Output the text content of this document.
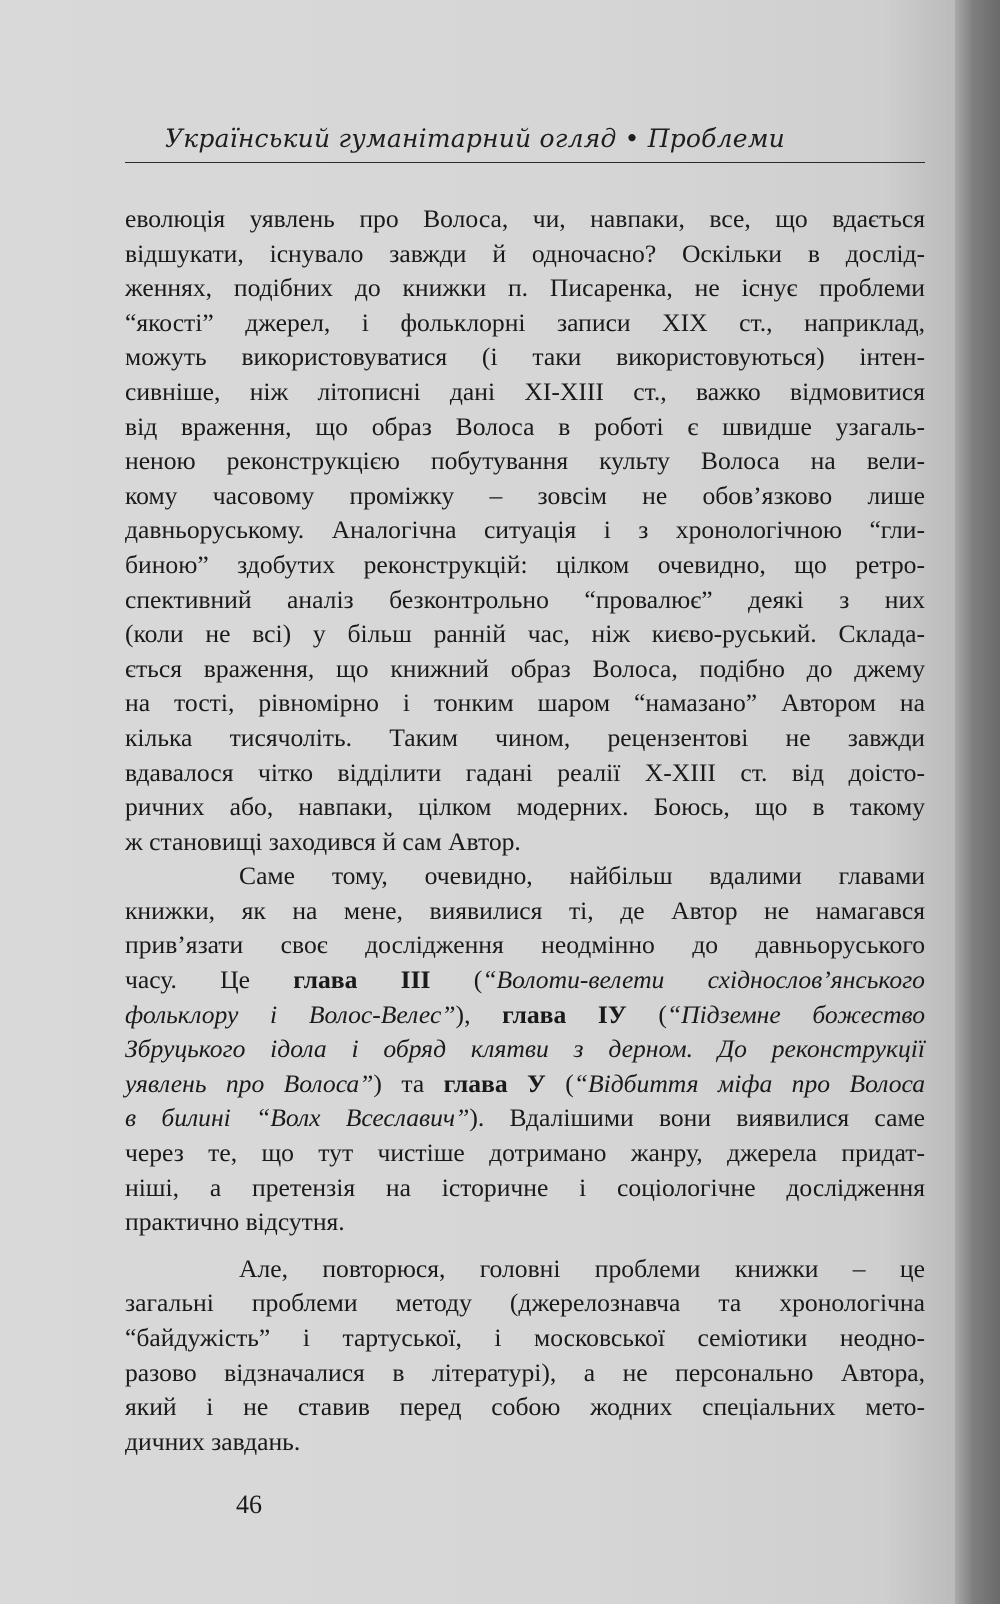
Український гуманітарний огляд • Проблеми
еволюція уявлень про Волоса, чи, навпаки, все, що вдається
відшукати, існувало завжди й одночасно? Оскільки в дослід-
женнях, подібних до книжки п. Писаренка, не існує проблеми
“якості” джерел, і фольклорні записи XIX ст., наприклад,
можуть використовуватися (і таки використовуються) інтен-
сивніше, ніж літописні дані XI-XIII ст., важко відмовитися
від враження, що образ Волоса в роботі є швидше узагаль-
неною реконструкцією побутування культу Волоса на вели-
кому часовому проміжку – зовсім не обов’язково лише
давньоруському. Аналогічна ситуація і з хронологічною “гли-
биною” здобутих реконструкцій: цілком очевидно, що ретро-
спективний аналіз безконтрольно “провалює” деякі з них
(коли не всі) у більш ранній час, ніж києво-руський. Склада-
ється враження, що книжний образ Волоса, подібно до джему
на тості, рівномірно і тонким шаром “намазано” Автором на
кілька тисячоліть. Таким чином, рецензентові не завжди
вдавалося чітко відділити гадані реалії X-XIII ст. від доісто-
ричних або, навпаки, цілком модерних. Боюсь, що в такому
ж становищі заходився й сам Автор.
Саме тому, очевидно, найбільш вдалими главами
книжки, як на мене, виявилися ті, де Автор не намагався
прив’язати своє дослідження неодмінно до давньоруського
часу. Це глава III (“Волоти-велети східнослов’янського
фольклору і Волос-Велес”), глава IУ (“Підземне божество
Збруцького ідола і обряд клятви з дерном. До реконструкції
уявлень про Волоса”) та глава У (“Відбиття міфа про Волоса
в билині “Волх Всеславич”). Вдалішими вони виявилися саме
через те, що тут чистіше дотримано жанру, джерела придат-
ніші, а претензія на історичне і соціологічне дослідження
практично відсутня.
Але, повторюся, головні проблеми книжки – це
загальні проблеми методу (джерелознавча та хронологічна
“байдужість” і тартуської, і московської семіотики неодно-
разово відзначалися в літературі), а не персонально Автора,
який і не ставив перед собою жодних спеціальних мето-
дичних завдань.
46
